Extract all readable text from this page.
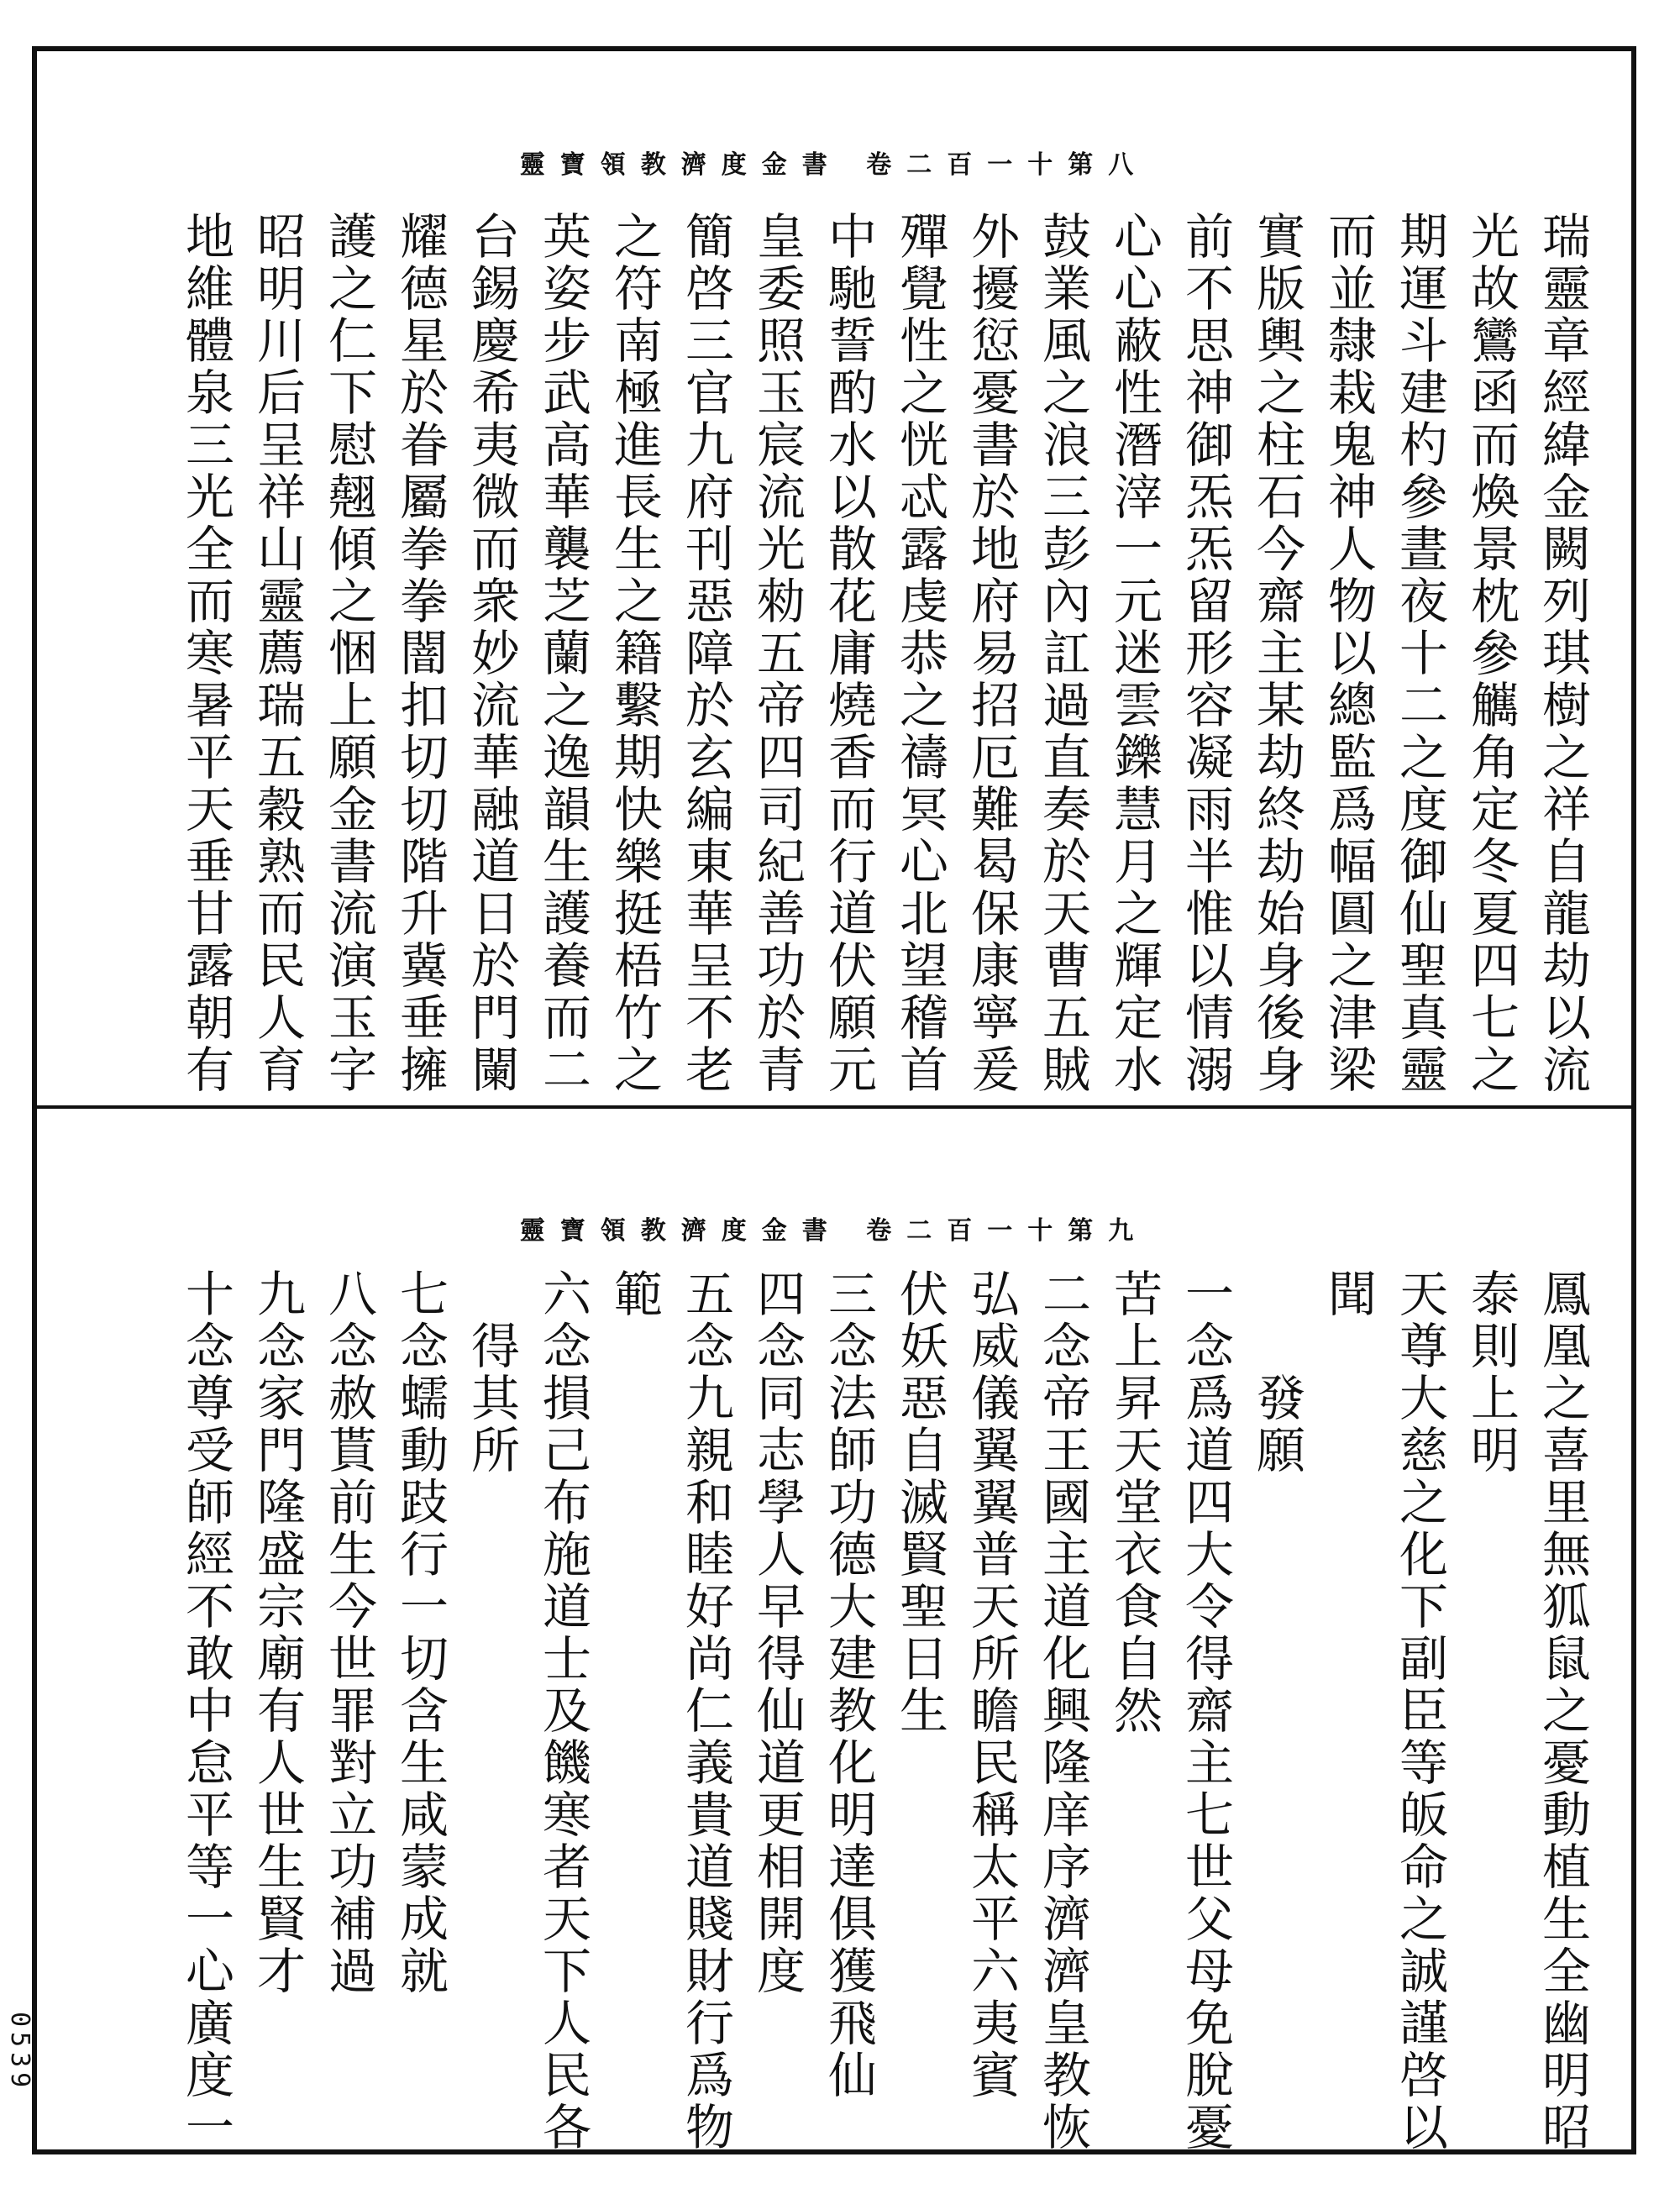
靈寶領教濟度金書 卷二百一十第八
瑞靈章經緯金闕列琪樹之祥自龍劫以流
光故鸞函而煥景枕參觽角定冬夏四七之
期運斗建杓參晝夜十二之度御仙聖真靈
而並隸栽鬼神人物以總監爲幅圓之津梁
實版輿之柱石今齋主某劫終劫始身後身
前不思神御炁炁留形容凝雨半惟以情溺
心心蔽性潛滓一元迷雲鑠慧月之輝定水
鼓業風之浪三彭內訌過直奏於天曹五賊
外擾愆憂書於地府易招厄難曷保康寧爰
殫覺性之恍忒露虔恭之禱冥心北望稽首
中馳誓酌水以散花庸燒香而行道伏願元
皇委照玉宸流光勑五帝四司紀善功於青
簡啓三官九府刊惡障於玄編東華呈不老
之符南極進長生之籍繫期快樂挺梧竹之
英姿步武高華襲芝蘭之逸韻生護養而二
台錫慶希夷微而衆妙流華融道日於門闌
耀德星於眷屬拳拳闇扣切切階升冀垂擁
護之仁下慰翹傾之悃上願金書流演玉字
昭明川后呈祥山靈薦瑞五穀熟而民人育
地維體泉三光全而寒暑平天垂甘露朝有
靈寶領教濟度金書 卷二百一十第九
鳳凰之喜里無狐鼠之憂動植生全幽明昭
泰則上明
天尊大慈之化下副臣等皈命之誠謹啓以
聞
　　發願
一念爲道四大令得齋主七世父母免脫憂
苦上昇天堂衣食自然
二念帝王國主道化興隆庠序濟濟皇教恢
弘威儀翼翼普天所瞻民稱太平六夷賓
伏妖惡自滅賢聖日生
三念法師功德大建教化明達俱獲飛仙
四念同志學人早得仙道更相開度
五念九親和睦好尚仁義貴道賤財行爲物
範
六念損己布施道士及饑寒者天下人民各
　得其所
七念蠕動跂行一切含生咸蒙成就
八念赦貰前生今世罪對立功補過
九念家門隆盛宗廟有人世生賢才
十念尊受師經不敢中怠平等一心廣度一
0539
